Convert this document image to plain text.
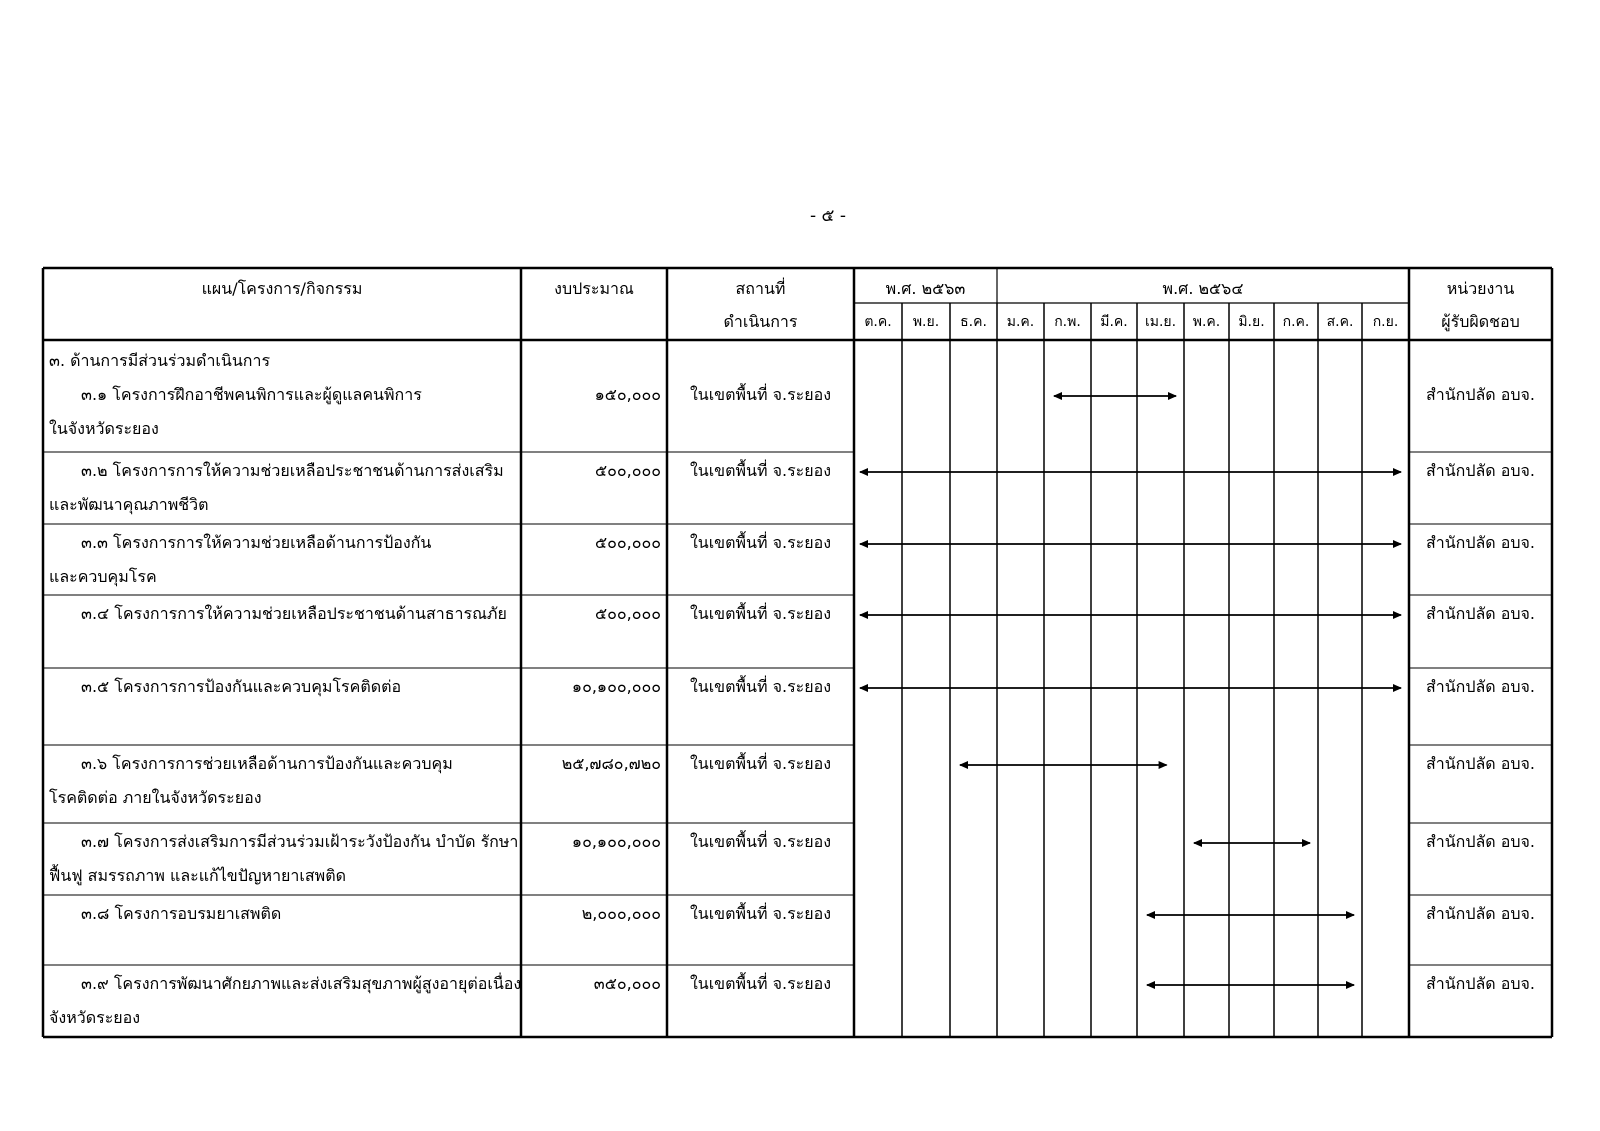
- ๕ -
แผน/โครงการ/กิจกรรม	งบประมาณ	สถานที่
ดำเนินการ
พ.ศ. ๒๕๖๓	พ.ศ. ๒๕๖๔	หน่วยงาน
ผู้รับผิดชอบ
ต.ค.	พ.ย.	ธ.ค.	ม.ค.	ก.พ.	มี.ค.	เม.ย.	พ.ค.	มิ.ย.	ก.ค.	ส.ค.	ก.ย.
๓. ด้านการมีส่วนร่วมดำเนินการ
๓.๑ โครงการฝึกอาชีพคนพิการและผู้ดูแลคนพิการ
ในจังหวัดระยอง
๑๕๐,๐๐๐	ในเขตพื้นที่ จ.ระยอง	สำนักปลัด อบจ.
๓.๒ โครงการการให้ความช่วยเหลือประชาชนด้านการส่งเสริม
และพัฒนาคุณภาพชีวิต
๕๐๐,๐๐๐	ในเขตพื้นที่ จ.ระยอง	สำนักปลัด อบจ.
๓.๓ โครงการการให้ความช่วยเหลือด้านการป้องกัน
และควบคุมโรค
๕๐๐,๐๐๐	ในเขตพื้นที่ จ.ระยอง	สำนักปลัด อบจ.
๓.๔ โครงการการให้ความช่วยเหลือประชาชนด้านสาธารณภัย	๕๐๐,๐๐๐	ในเขตพื้นที่ จ.ระยอง	สำนักปลัด อบจ.
๓.๕ โครงการการป้องกันและควบคุมโรคติดต่อ	๑๐,๑๐๐,๐๐๐	ในเขตพื้นที่ จ.ระยอง	สำนักปลัด อบจ.
๓.๖ โครงการการช่วยเหลือด้านการป้องกันและควบคุม
โรคติดต่อ ภายในจังหวัดระยอง
๒๕,๗๘๐,๗๒๐	ในเขตพื้นที่ จ.ระยอง	สำนักปลัด อบจ.
๓.๗ โครงการส่งเสริมการมีส่วนร่วมเฝ้าระวังป้องกัน บำบัด รักษา
ฟื้นฟู สมรรถภาพ และแก้ไขปัญหายาเสพติด
๑๐,๑๐๐,๐๐๐	ในเขตพื้นที่ จ.ระยอง	สำนักปลัด อบจ.
๓.๘ โครงการอบรมยาเสพติด	๒,๐๐๐,๐๐๐	ในเขตพื้นที่ จ.ระยอง	สำนักปลัด อบจ.
๓.๙ โครงการพัฒนาศักยภาพและส่งเสริมสุขภาพผู้สูงอายุต่อเนื่อง
จังหวัดระยอง
๓๕๐,๐๐๐	ในเขตพื้นที่ จ.ระยอง	สำนักปลัด อบจ.
